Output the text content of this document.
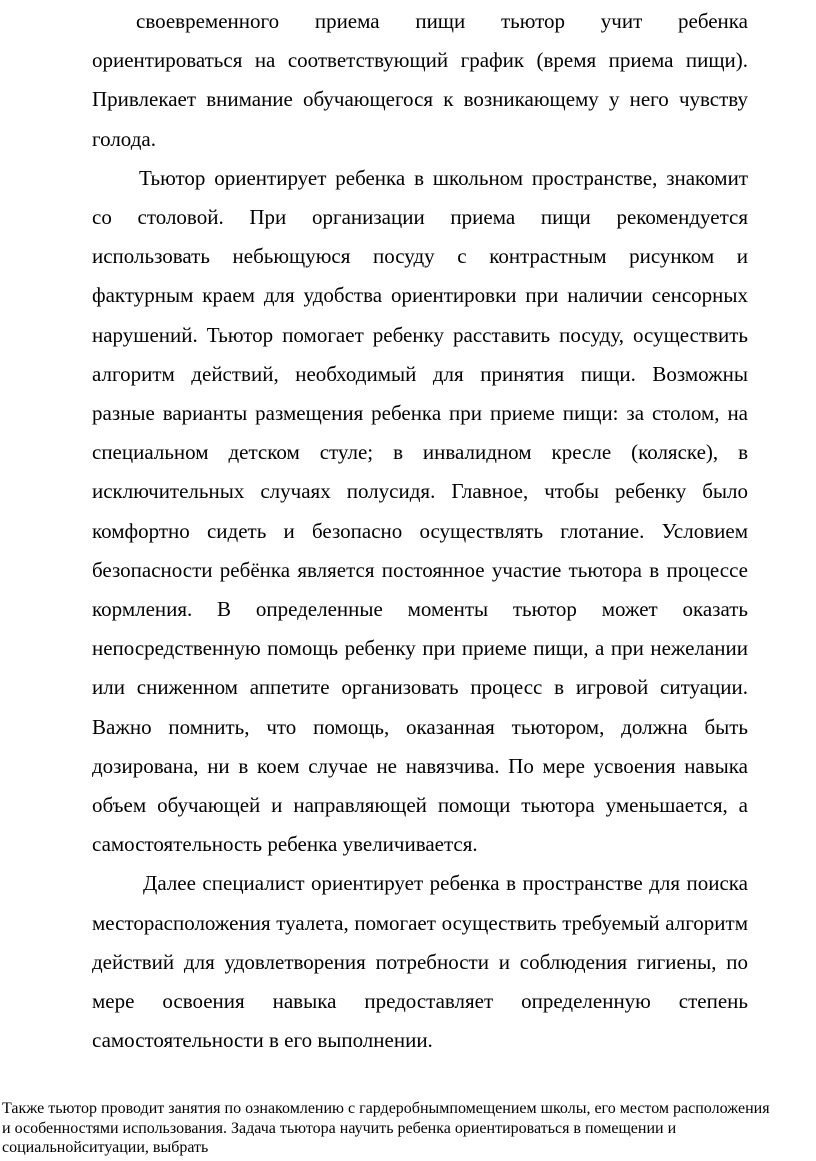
своевременного приема пищи тьютор учит ребенка ориентироваться на соответствующий график (время приема пищи). Привлекает внимание обучающегося к возникающему у него чувству голода.

Тьютор ориентирует ребенка в школьном пространстве, знакомит со столовой. При организации приема пищи рекомендуется использовать небьющуюся посуду с контрастным рисунком и фактурным краем для удобства ориентировки при наличии сенсорных нарушений. Тьютор помогает ребенку расставить посуду, осуществить алгоритм действий, необходимый для принятия пищи. Возможны разные варианты размещения ребенка при приеме пищи: за столом, на специальном детском стуле; в инвалидном кресле (коляске), в исключительных случаях полусидя. Главное, чтобы ребенку было комфортно сидеть и безопасно осуществлять глотание. Условием безопасности ребёнка является постоянное участие тьютора в процессе кормления. В определенные моменты тьютор может оказать непосредственную помощь ребенку при приеме пищи, а при нежелании или сниженном аппетите организовать процесс в игровой ситуации. Важно помнить, что помощь, оказанная тьютором, должна быть дозирована, ни в коем случае не навязчива. По мере усвоения навыка объем обучающей и направляющей помощи тьютора уменьшается, а самостоятельность ребенка увеличивается.

Далее специалист ориентирует ребенка в пространстве для поиска месторасположения туалета, помогает осуществить требуемый алгоритм действий для удовлетворения потребности и соблюдения гигиены, по мере освоения навыка предоставляет определенную степень самостоятельности в его выполнении.

Также тьютор проводит занятия по ознакомлению с гардеробнымпомещением школы, его местом расположения и особенностями использования. Задача тьютора научить ребенка ориентироваться в помещении и социальнойситуации, выбрать
